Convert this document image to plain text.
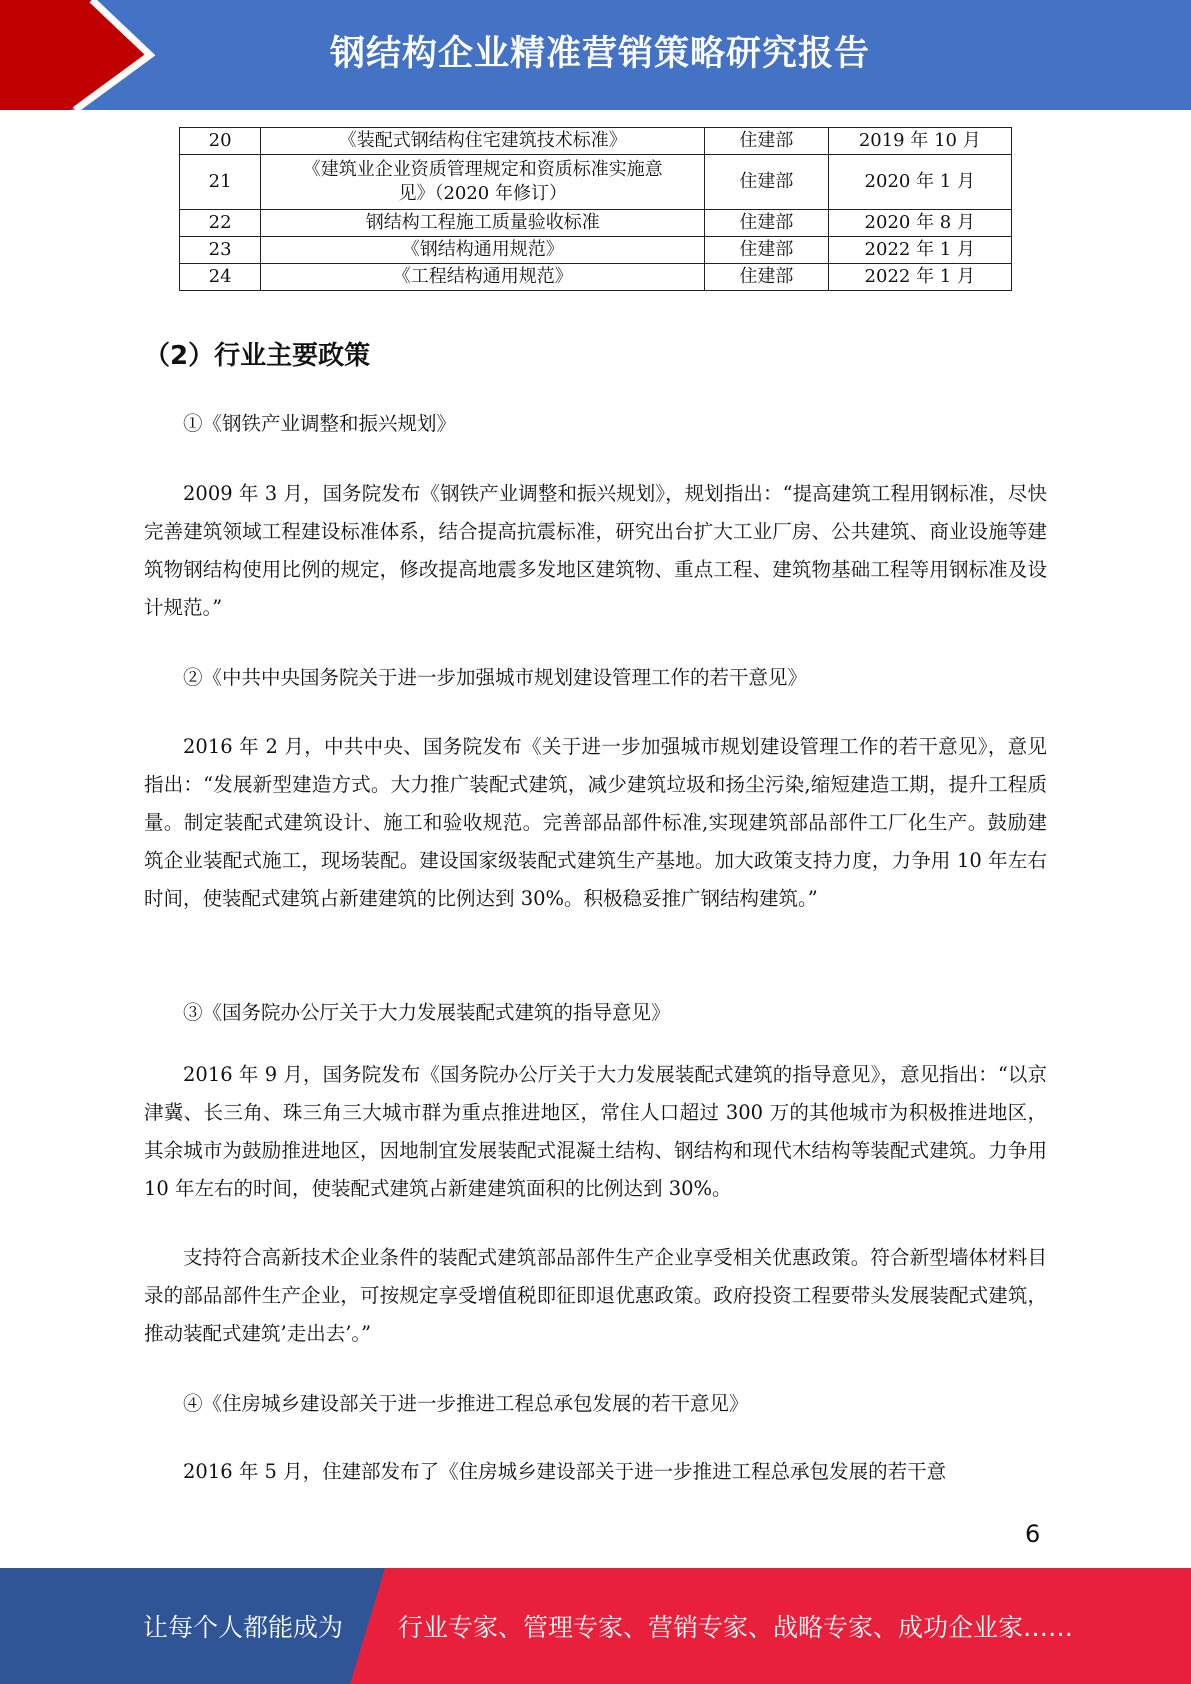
钢结构企业精准营销策略研究报告
20	《装配式钢结构住宅建筑技术标准》	住建部	2019 年 10 月
21	《建筑业企业资质管理规定和资质标准实施意
见》（2020 年修订）	住建部	2020 年 1 月
22	钢结构工程施工质量验收标准	住建部	2020 年 8 月
23	《钢结构通用规范》	住建部	2022 年 1 月
24	《工程结构通用规范》	住建部	2022 年 1 月
（2）行业主要政策

①《钢铁产业调整和振兴规划》

2009 年 3 月，国务院发布《钢铁产业调整和振兴规划》，规划指出：“提高建筑工程用钢标准，尽快完善建筑领域工程建设标准体系，结合提高抗震标准，研究出台扩大工业厂房、公共建筑、商业设施等建筑物钢结构使用比例的规定，修改提高地震多发地区建筑物、重点工程、建筑物基础工程等用钢标准及设计规范。”

②《中共中央国务院关于进一步加强城市规划建设管理工作的若干意见》

2016 年 2 月，中共中央、国务院发布《关于进一步加强城市规划建设管理工作的若干意见》，意见指出：“发展新型建造方式。大力推广装配式建筑，减少建筑垃圾和扬尘污染,缩短建造工期，提升工程质量。制定装配式建筑设计、施工和验收规范。完善部品部件标准,实现建筑部品部件工厂化生产。鼓励建筑企业装配式施工，现场装配。建设国家级装配式建筑生产基地。加大政策支持力度，力争用 10 年左右时间，使装配式建筑占新建建筑的比例达到 30%。积极稳妥推广钢结构建筑。”

③《国务院办公厅关于大力发展装配式建筑的指导意见》

2016 年 9 月，国务院发布《国务院办公厅关于大力发展装配式建筑的指导意见》，意见指出：“以京津冀、长三角、珠三角三大城市群为重点推进地区，常住人口超过 300 万的其他城市为积极推进地区，其余城市为鼓励推进地区，因地制宜发展装配式混凝土结构、钢结构和现代木结构等装配式建筑。力争用 10 年左右的时间，使装配式建筑占新建建筑面积的比例达到 30%。

支持符合高新技术企业条件的装配式建筑部品部件生产企业享受相关优惠政策。符合新型墙体材料目录的部品部件生产企业，可按规定享受增值税即征即退优惠政策。政府投资工程要带头发展装配式建筑，推动装配式建筑’走出去’。”

④《住房城乡建设部关于进一步推进工程总承包发展的若干意见》

2016 年 5 月，住建部发布了《住房城乡建设部关于进一步推进工程总承包发展的若干意

6
让每个人都能成为 行业专家、管理专家、营销专家、战略专家、成功企业家……
